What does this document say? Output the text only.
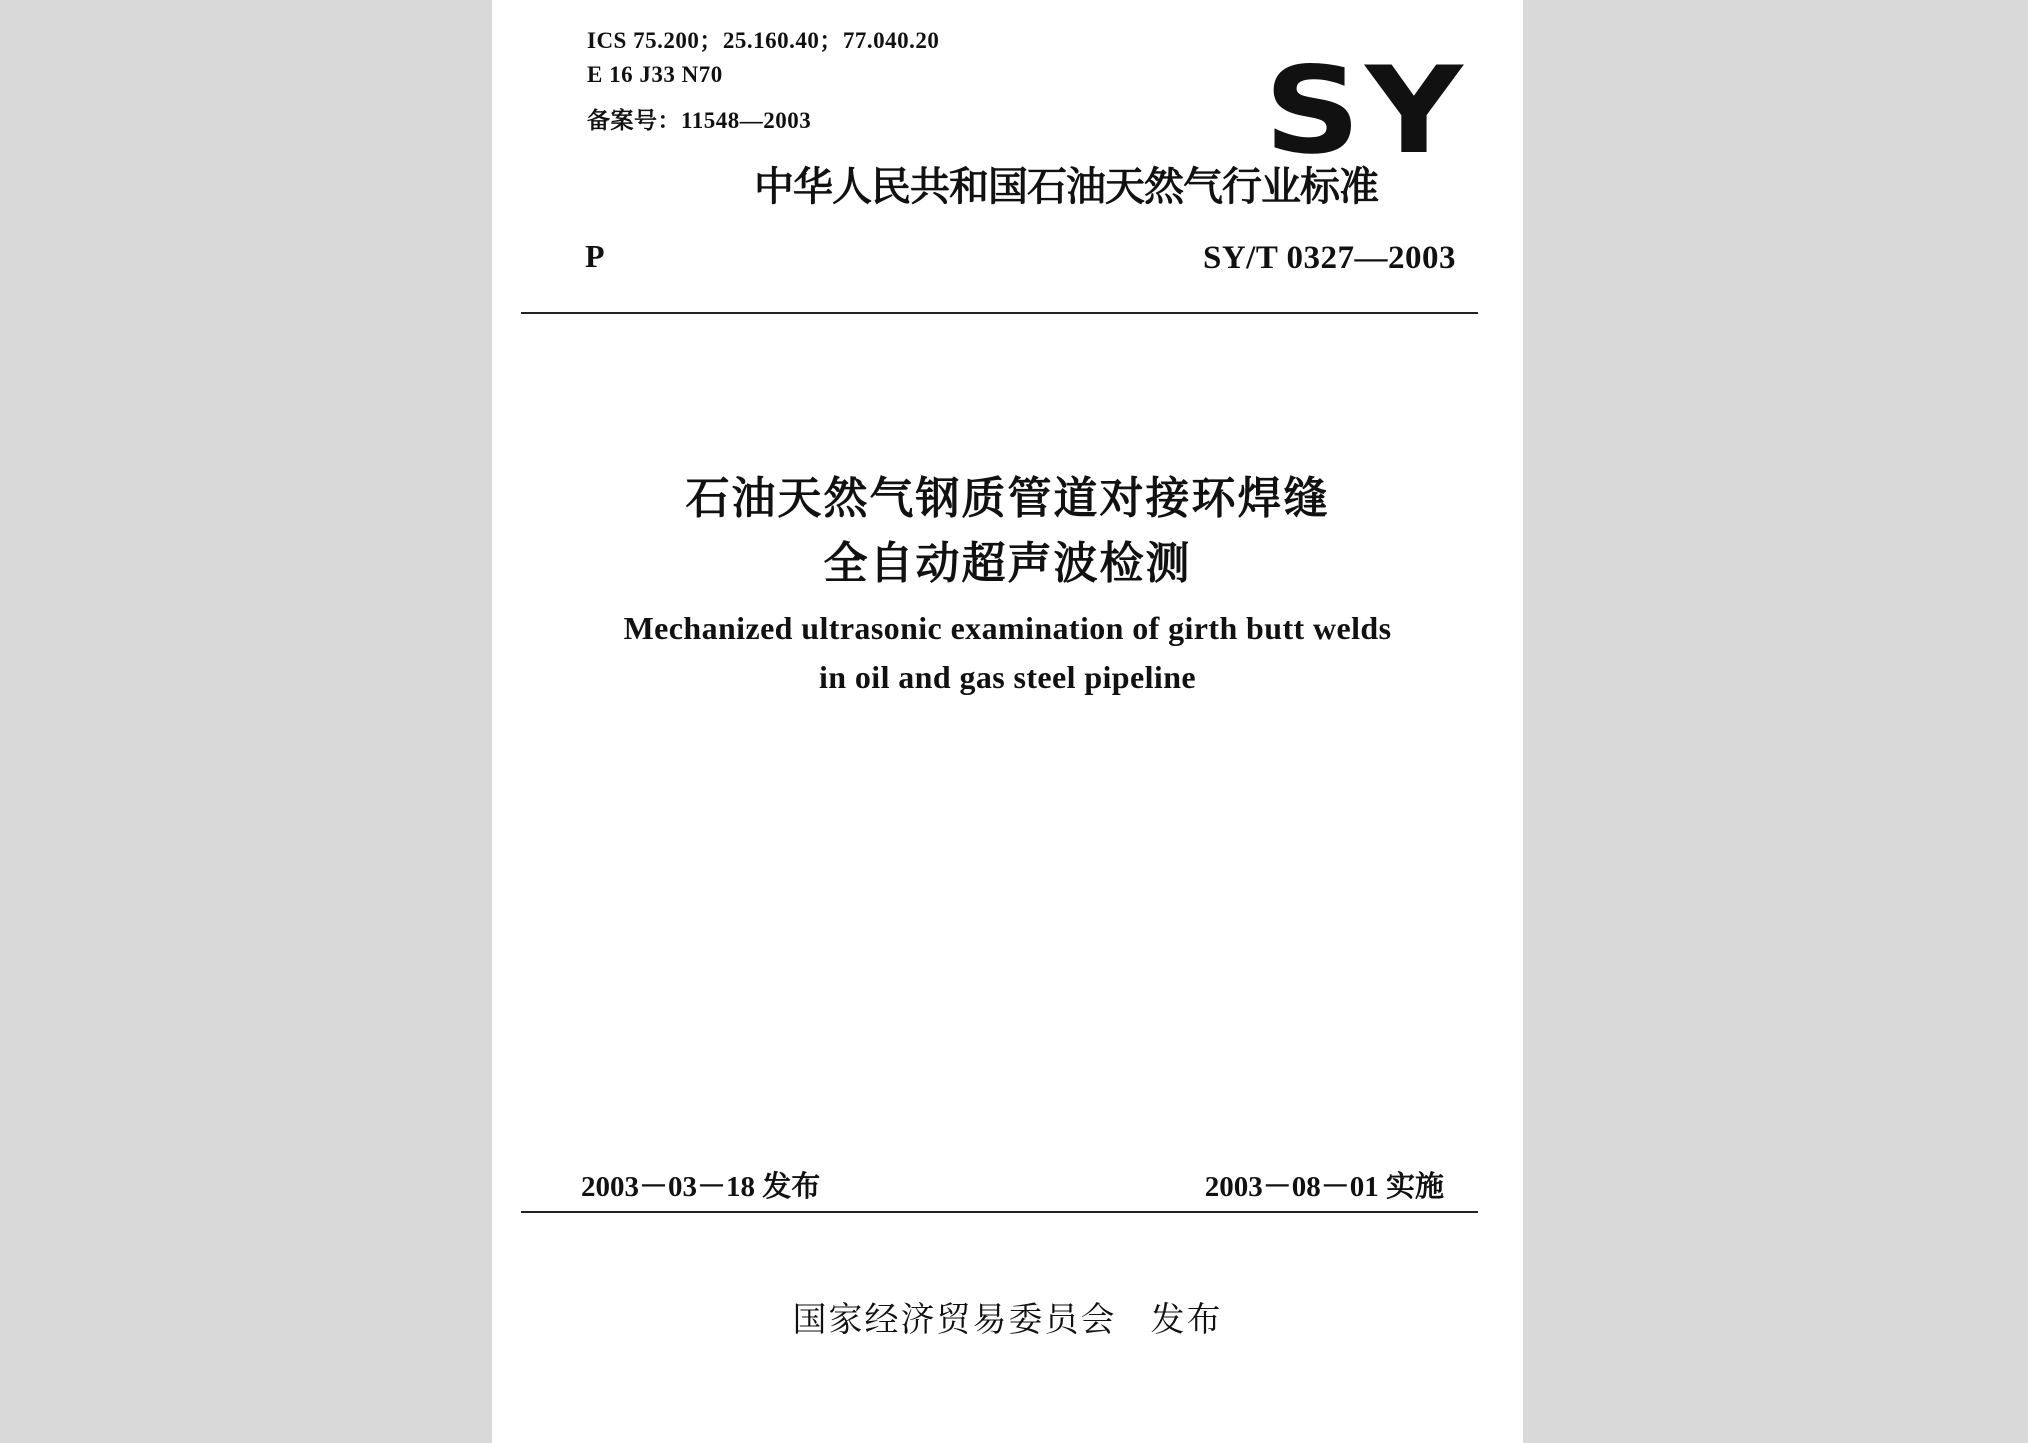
ICS 75.200；25.160.40；77.040.20
E 16 J33 N70
备案号：11548—2003	SY
中华人民共和国石油天然气行业标准
P	SY/T 0327—2003
石油天然气钢质管道对接环焊缝
全自动超声波检测
Mechanized ultrasonic examination of girth butt welds
in oil and gas steel pipeline
2003－03－18 发布	2003－08－01 实施
国家经济贸易委员会 发布
